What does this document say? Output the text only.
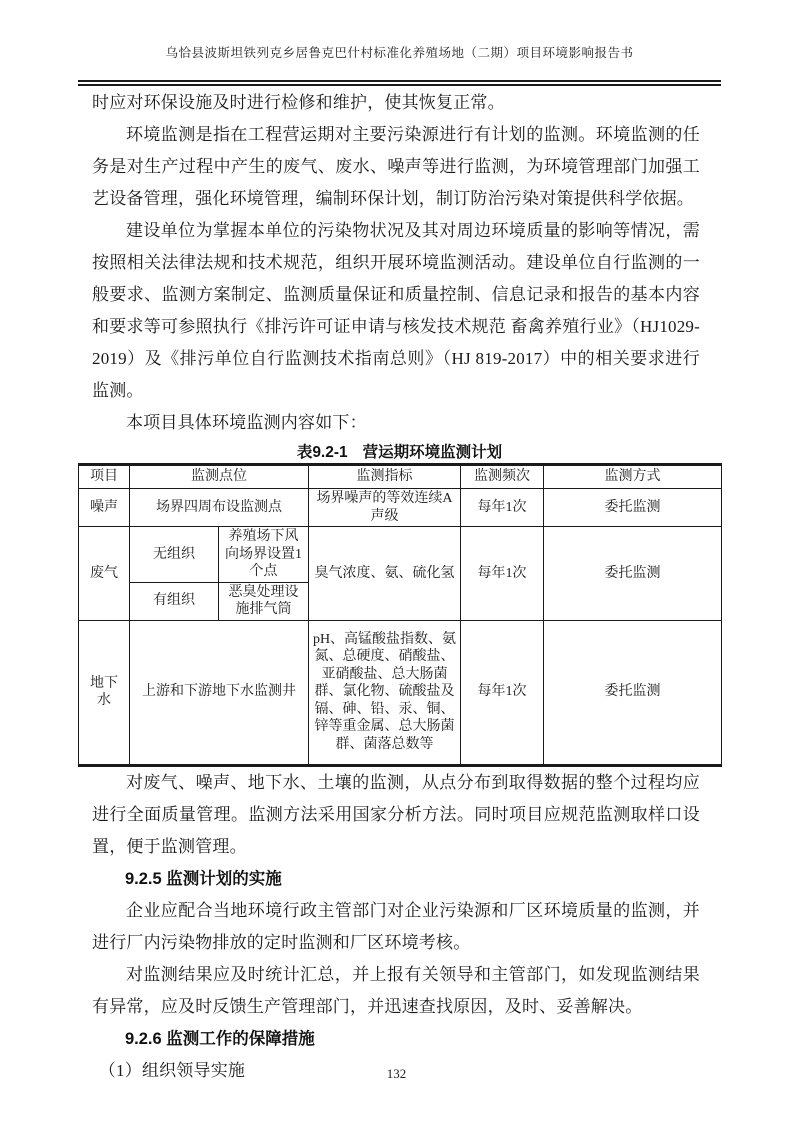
乌恰县波斯坦铁列克乡居鲁克巴什村标准化养殖场地（二期）项目环境影响报告书

时应对环保设施及时进行检修和维护，使其恢复正常。

环境监测是指在工程营运期对主要污染源进行有计划的监测。环境监测的任务是对生产过程中产生的废气、废水、噪声等进行监测，为环境管理部门加强工艺设备管理，强化环境管理，编制环保计划，制订防治污染对策提供科学依据。

建设单位为掌握本单位的污染物状况及其对周边环境质量的影响等情况，需按照相关法律法规和技术规范，组织开展环境监测活动。建设单位自行监测的一般要求、监测方案制定、监测质量保证和质量控制、信息记录和报告的基本内容和要求等可参照执行《排污许可证申请与核发技术规范 畜禽养殖行业》（HJ1029-2019）及《排污单位自行监测技术指南总则》（HJ 819-2017）中的相关要求进行监测。

本项目具体环境监测内容如下：

表9.2-1 营运期环境监测计划
项目	监测点位		监测指标	监测频次	监测方式
噪声	场界四周布设监测点		场界噪声的等效连续A声级	每年1次	委托监测
废气	无组织	养殖场下风向场界设置1个点	臭气浓度、氨、硫化氢	每年1次	委托监测
	有组织	恶臭处理设施排气筒			
地下水	上游和下游地下水监测井		pH、高锰酸盐指数、氨氮、总硬度、硝酸盐、亚硝酸盐、总大肠菌群、氯化物、硫酸盐及镉、砷、铅、汞、铜、锌等重金属、总大肠菌群、菌落总数等	每年1次	委托监测

对废气、噪声、地下水、土壤的监测，从点分布到取得数据的整个过程均应进行全面质量管理。监测方法采用国家分析方法。同时项目应规范监测取样口设置，便于监测管理。

9.2.5 监测计划的实施

企业应配合当地环境行政主管部门对企业污染源和厂区环境质量的监测，并进行厂内污染物排放的定时监测和厂区环境考核。

对监测结果应及时统计汇总，并上报有关领导和主管部门，如发现监测结果有异常，应及时反馈生产管理部门，并迅速查找原因，及时、妥善解决。

9.2.6 监测工作的保障措施

（1）组织领导实施	132
